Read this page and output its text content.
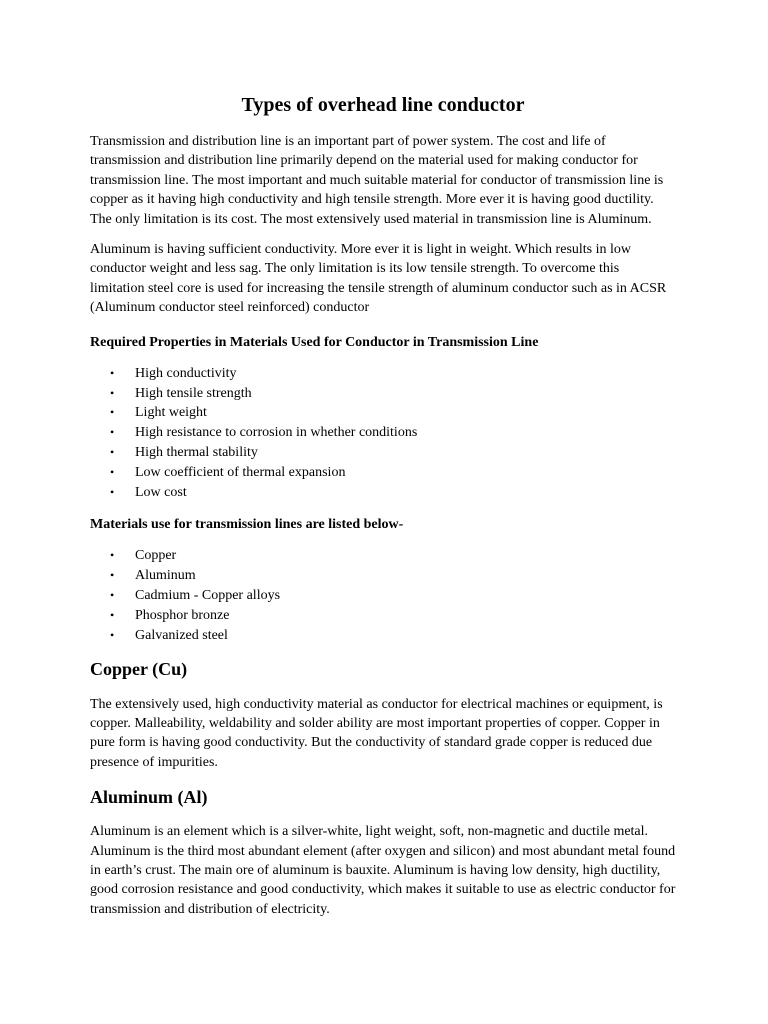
Types of overhead line conductor

Transmission and distribution line is an important part of power system. The cost and life of transmission and distribution line primarily depend on the material used for making conductor for transmission line. The most important and much suitable material for conductor of transmission line is copper as it having high conductivity and high tensile strength. More ever it is having good ductility. The only limitation is its cost. The most extensively used material in transmission line is Aluminum.

Aluminum is having sufficient conductivity. More ever it is light in weight. Which results in low conductor weight and less sag. The only limitation is its low tensile strength. To overcome this limitation steel core is used for increasing the tensile strength of aluminum conductor such as in ACSR (Aluminum conductor steel reinforced) conductor

Required Properties in Materials Used for Conductor in Transmission Line
• High conductivity
• High tensile strength
• Light weight
• High resistance to corrosion in whether conditions
• High thermal stability
• Low coefficient of thermal expansion
• Low cost
Materials use for transmission lines are listed below-
• Copper
• Aluminum
• Cadmium - Copper alloys
• Phosphor bronze
• Galvanized steel
Copper (Cu)

The extensively used, high conductivity material as conductor for electrical machines or equipment, is copper. Malleability, weldability and solder ability are most important properties of copper. Copper in pure form is having good conductivity. But the conductivity of standard grade copper is reduced due presence of impurities.

Aluminum (Al)

Aluminum is an element which is a silver-white, light weight, soft, non-magnetic and ductile metal. Aluminum is the third most abundant element (after oxygen and silicon) and most abundant metal found in earth’s crust. The main ore of aluminum is bauxite. Aluminum is having low density, high ductility, good corrosion resistance and good conductivity, which makes it suitable to use as electric conductor for transmission and distribution of electricity.
